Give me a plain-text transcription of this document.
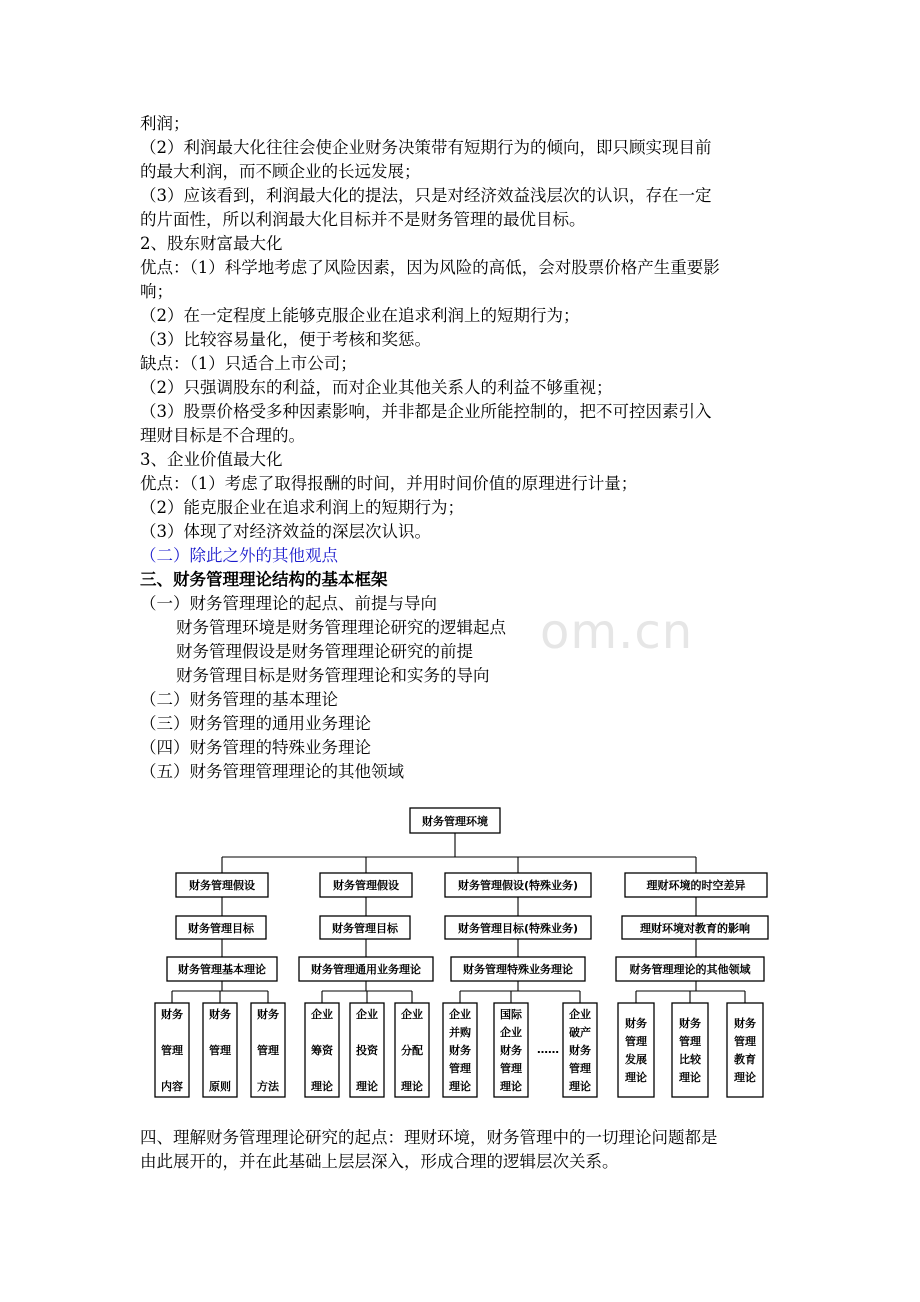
om.cn
利润；
（2）利润最大化往往会使企业财务决策带有短期行为的倾向，即只顾实现目前
的最大利润，而不顾企业的长远发展；
（3）应该看到，利润最大化的提法，只是对经济效益浅层次的认识，存在一定
的片面性，所以利润最大化目标并不是财务管理的最优目标。
2、股东财富最大化
优点：（1）科学地考虑了风险因素，因为风险的高低，会对股票价格产生重要影
响；
（2）在一定程度上能够克服企业在追求利润上的短期行为；
（3）比较容易量化，便于考核和奖惩。
缺点：（1）只适合上市公司；
（2）只强调股东的利益，而对企业其他关系人的利益不够重视；
（3）股票价格受多种因素影响，并非都是企业所能控制的，把不可控因素引入
理财目标是不合理的。
3、企业价值最大化
优点：（1）考虑了取得报酬的时间，并用时间价值的原理进行计量；
（2）能克服企业在追求利润上的短期行为；
（3）体现了对经济效益的深层次认识。
（二）除此之外的其他观点
三、财务管理理论结构的基本框架
（一）财务管理理论的起点、前提与导向
财务管理环境是财务管理理论研究的逻辑起点
财务管理假设是财务管理理论研究的前提
财务管理目标是财务管理理论和实务的导向
（二）财务管理的基本理论
（三）财务管理的通用业务理论
（四）财务管理的特殊业务理论
（五）财务管理管理理论的其他领域
财务管理环境
财务管理假设	财务管理假设	财务管理假设(特殊业务)	理财环境的时空差异
财务管理目标	财务管理目标	财务管理目标(特殊业务)	理财环境对教育的影响
财务管理基本理论	财务管理通用业务理论	财务管理特殊业务理论	财务管理理论的其他领域
财务
管理
内容
财务
管理
原则
财务
管理
方法
企业
筹资
理论
企业
投资
理论
企业
分配
理论
企业
并购
财务
管理
理论
国际
企业
财务
管理
理论
……
企业
破产
财务
管理
理论
财务
管理
发展
理论
财务
管理
比较
理论
财务
管理
教育
理论
四、理解财务管理理论研究的起点：理财环境，财务管理中的一切理论问题都是
由此展开的，并在此基础上层层深入，形成合理的逻辑层次关系。
